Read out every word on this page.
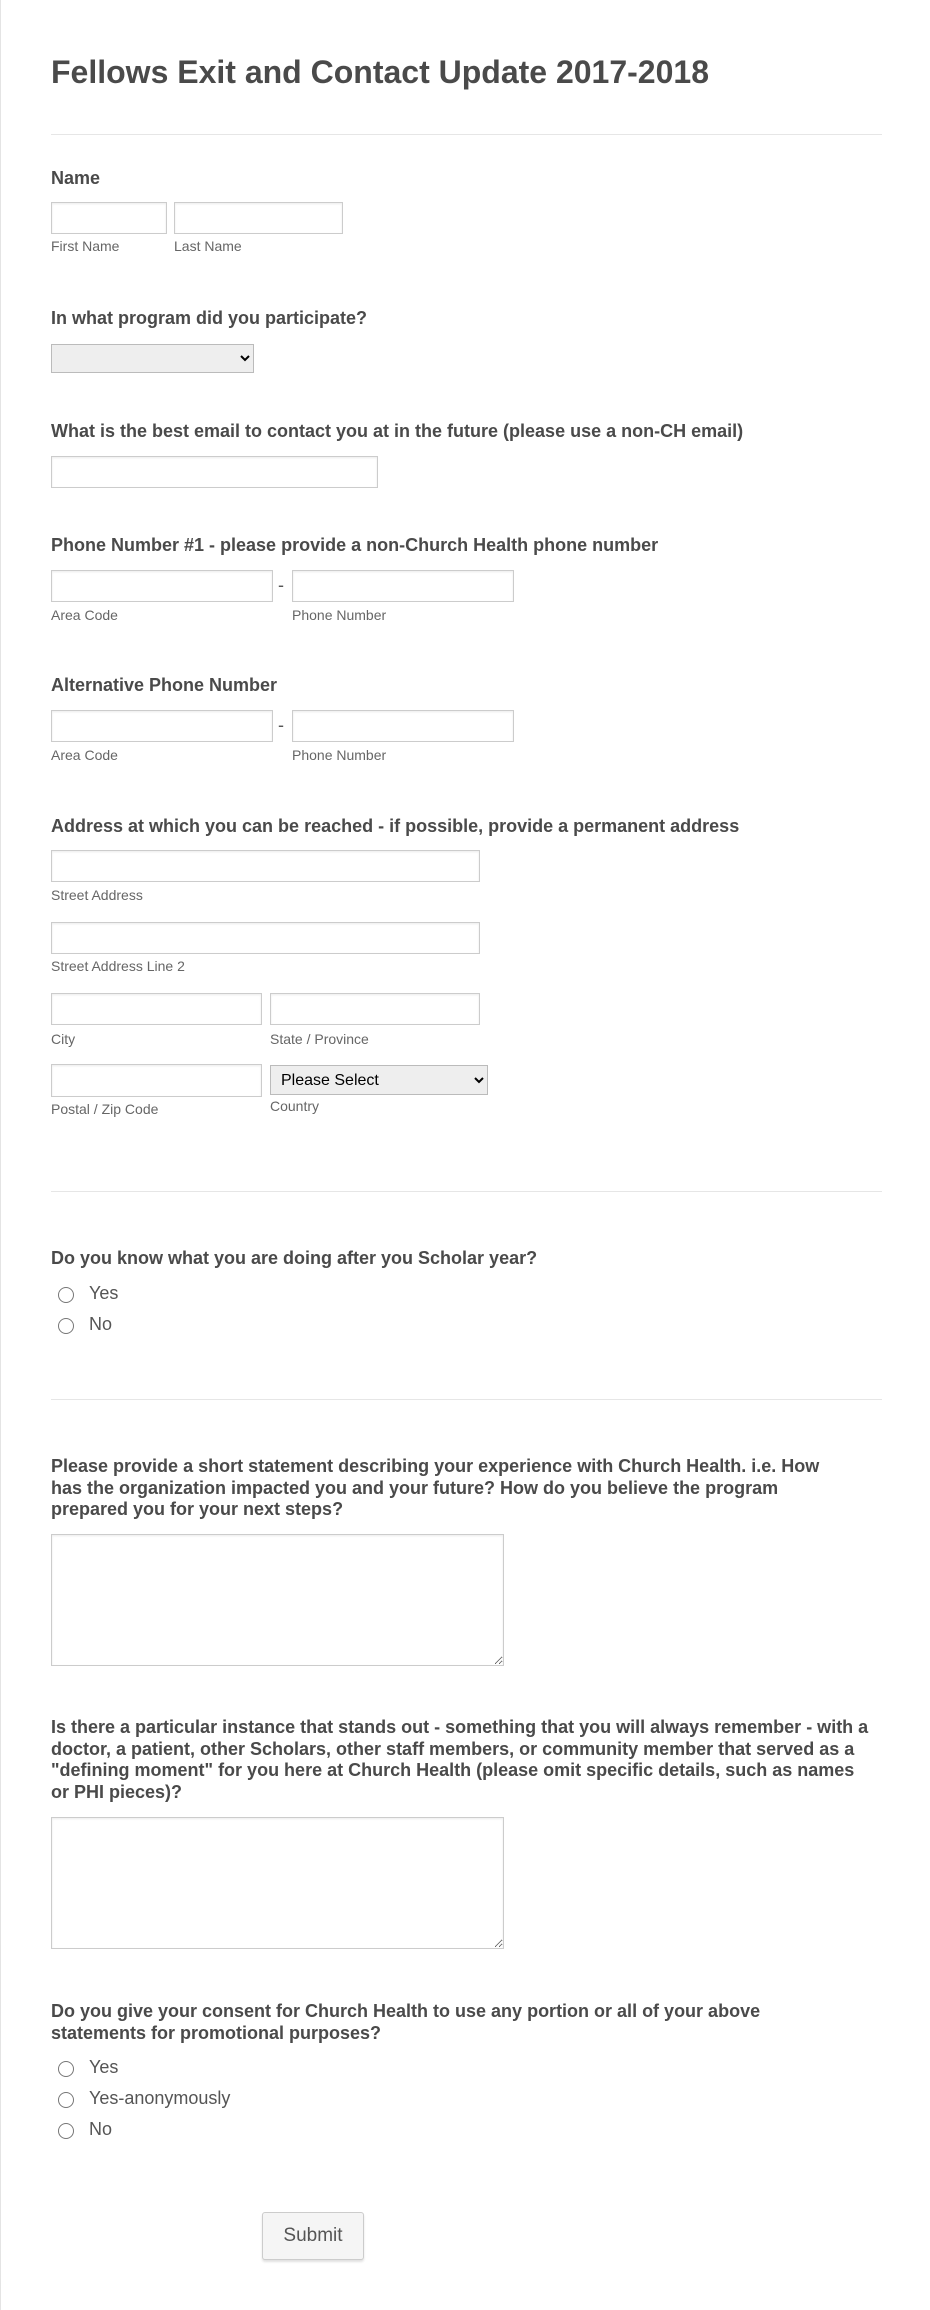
Fellows Exit and Contact Update 2017-2018
Name
First Name	Last Name
In what program did you participate?
What is the best email to contact you at in the future (please use a non-CH email)
Phone Number #1 - please provide a non-Church Health phone number
-
Area Code	Phone Number
Alternative Phone Number
-
Area Code	Phone Number
Address at which you can be reached - if possible, provide a permanent address
Street Address
Street Address Line 2
City	State / Province
Please Select
Postal / Zip Code	Country
Do you know what you are doing after you Scholar year?
Yes
No
Please provide a short statement describing your experience with Church Health. i.e. How has the organization impacted you and your future? How do you believe the program prepared you for your next steps?
Is there a particular instance that stands out - something that you will always remember - with a doctor, a patient, other Scholars, other staff members, or community member that served as a "defining moment" for you here at Church Health (please omit specific details, such as names or PHI pieces)?
Do you give your consent for Church Health to use any portion or all of your above statements for promotional purposes?
Yes
Yes-anonymously
No
Submit
